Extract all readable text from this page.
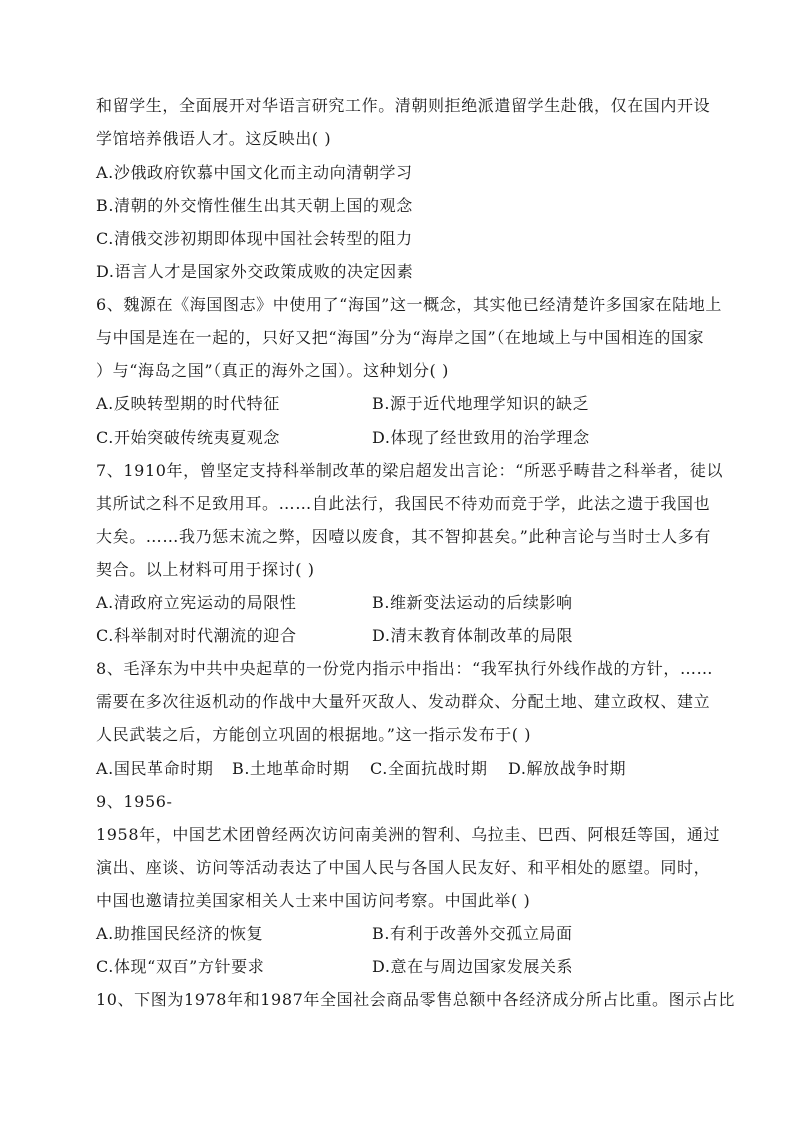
和留学生，全面展开对华语言研究工作。清朝则拒绝派遣留学生赴俄，仅在国内开设
学馆培养俄语人才。这反映出( )
A.沙俄政府钦慕中国文化而主动向清朝学习
B.清朝的外交惰性催生出其天朝上国的观念
C.清俄交涉初期即体现中国社会转型的阻力
D.语言人才是国家外交政策成败的决定因素
6、魏源在《海国图志》中使用了“海国”这一概念，其实他已经清楚许多国家在陆地上
与中国是连在一起的，只好又把“海国”分为“海岸之国”（在地域上与中国相连的国家
）与“海岛之国”（真正的海外之国）。这种划分( )
A.反映转型期的时代特征	B.源于近代地理学知识的缺乏
C.开始突破传统夷夏观念	D.体现了经世致用的治学理念
7、1910年，曾坚定支持科举制改革的梁启超发出言论：“所恶乎畴昔之科举者，徒以
其所试之科不足致用耳。……自此法行，我国民不待劝而竞于学，此法之遗于我国也
大矣。……我乃惩末流之弊，因噎以废食，其不智抑甚矣。”此种言论与当时士人多有
契合。以上材料可用于探讨( )
A.清政府立宪运动的局限性	B.维新变法运动的后续影响
C.科举制对时代潮流的迎合	D.清末教育体制改革的局限
8、毛泽东为中共中央起草的一份党内指示中指出：“我军执行外线作战的方针，……
需要在多次往返机动的作战中大量歼灭敌人、发动群众、分配土地、建立政权、建立
人民武装之后，方能创立巩固的根据地。”这一指示发布于( )
A.国民革命时期 B.土地革命时期 C.全面抗战时期 D.解放战争时期
9、1956-
1958年，中国艺术团曾经两次访问南美洲的智利、乌拉圭、巴西、阿根廷等国，通过
演出、座谈、访问等活动表达了中国人民与各国人民友好、和平相处的愿望。同时，
中国也邀请拉美国家相关人士来中国访问考察。中国此举( )
A.助推国民经济的恢复	B.有利于改善外交孤立局面
C.体现“双百”方针要求	D.意在与周边国家发展关系
10、下图为1978年和1987年全国社会商品零售总额中各经济成分所占比重。图示占比
